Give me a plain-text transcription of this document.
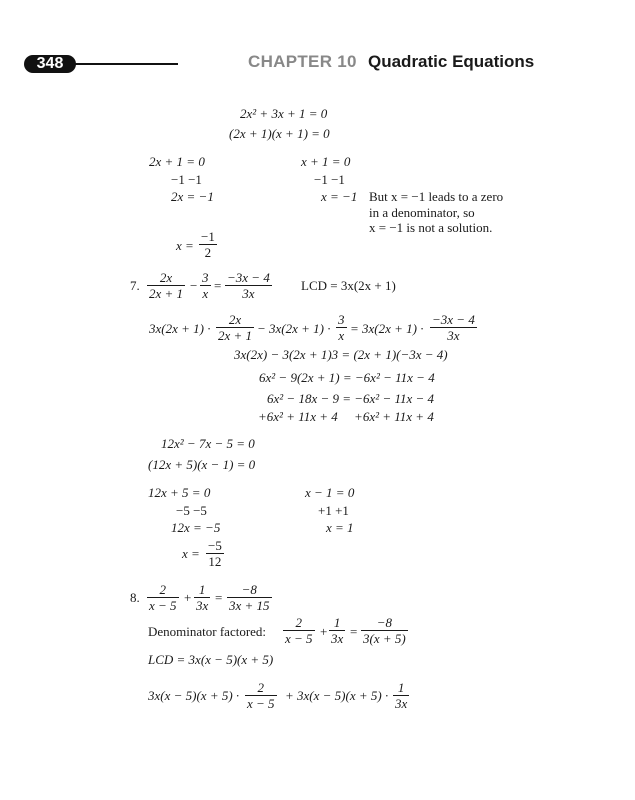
348	CHAPTER 10 Quadratic Equations
2x² + 3x + 1 = 0
(2x + 1)(x + 1) = 0
2x + 1 = 0	x + 1 = 0
−1 −1	−1 −1
2x = −1	x = −1 But x = −1 leads to a zero
in a denominator, so
x = −1 is not a solution.
x =
−1
2
7.
2x
2x + 1
−
3
x
=
−3x − 4
3x
LCD = 3x(2x + 1)
3x(2x + 1) ·
2x
2x + 1 − 3x(2x + 1) ·
3
x = 3x(2x + 1) ·
−3x − 4
3x
3x(2x) − 3(2x + 1)3 = (2x + 1)(−3x − 4)
6x² − 9(2x + 1) = −6x² − 11x − 4
6x² − 18x − 9 = −6x² − 11x − 4
+6x² + 11x + 4     +6x² + 11x + 4
12x² − 7x − 5 = 0
(12x + 5)(x − 1) = 0
12x + 5 = 0	x − 1 = 0
−5 −5	+1 +1
12x = −5	x = 1
x =
−5
12
8.
2
x − 5
+
1
3x
=
−8
3x + 15
Denominator factored:
2
x − 5 +
1
3x =
−8
3(x + 5)
LCD = 3x(x − 5)(x + 5)
3x(x − 5)(x + 5) ·
2
x − 5
+ 3x(x − 5)(x + 5) ·
1
3x
